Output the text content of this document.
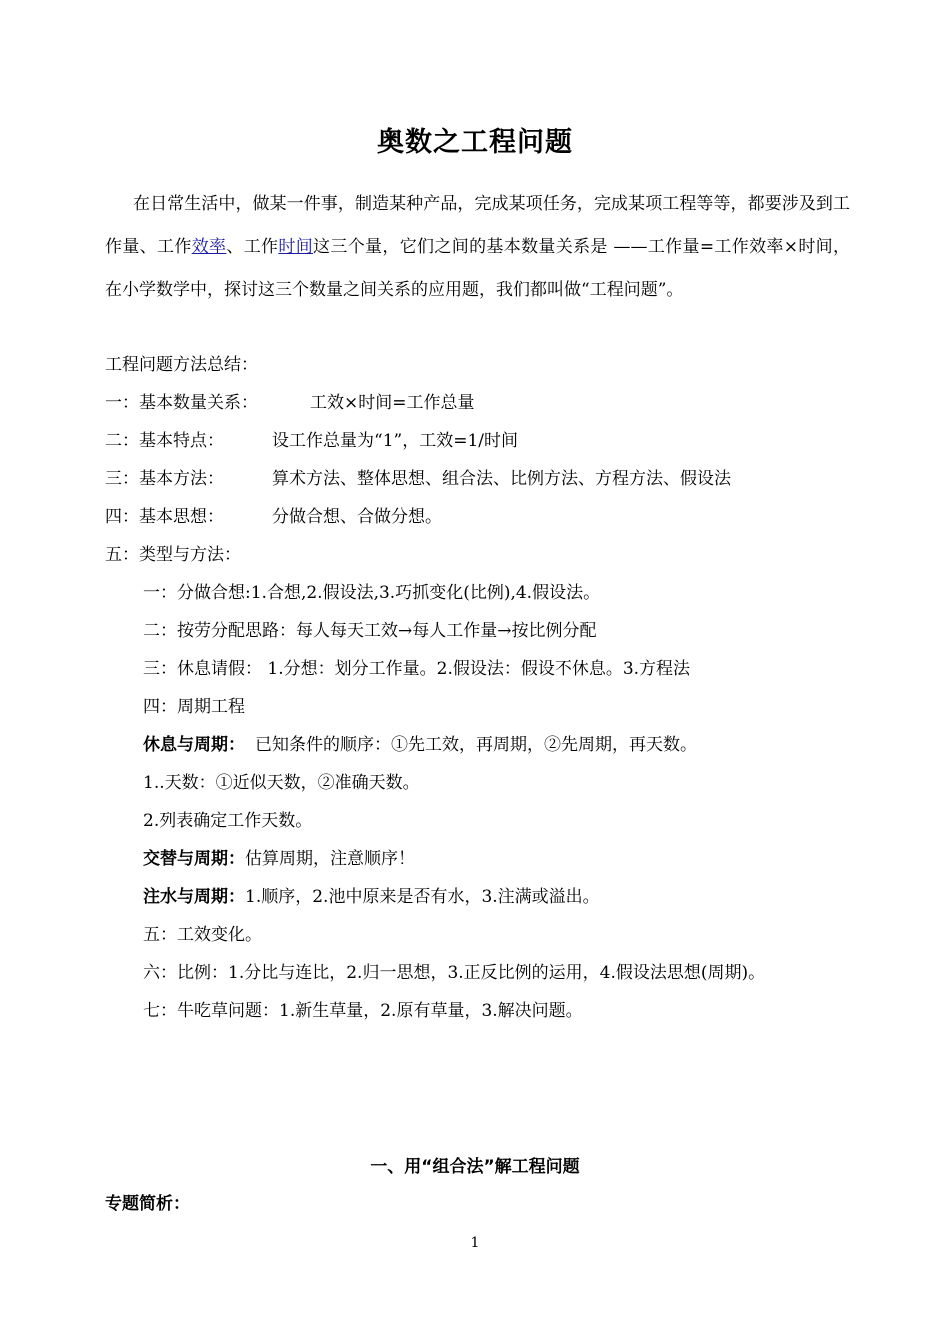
奥数之工程问题
在日常生活中，做某一件事，制造某种产品，完成某项任务，完成某项工程等等，都要涉及到工作量、工作效率、工作时间这三个量，它们之间的基本数量关系是 ——工作量=工作效率×时间，在小学数学中，探讨这三个数量之间关系的应用题，我们都叫做“工程问题”。
工程问题方法总结：
一：基本数量关系：	工效×时间=工作总量
二：基本特点：	设工作总量为“1”，工效=1/时间
三：基本方法：	算术方法、整体思想、组合法、比例方法、方程方法、假设法
四：基本思想：	分做合想、合做分想。
五：类型与方法：
一：分做合想:1.合想,2.假设法,3.巧抓变化(比例),4.假设法。
二：按劳分配思路：每人每天工效→每人工作量→按比例分配
三：休息请假： 1.分想：划分工作量。2.假设法：假设不休息。3.方程法
四：周期工程
休息与周期： 已知条件的顺序：①先工效，再周期，②先周期，再天数。
1..天数：①近似天数，②准确天数。
2.列表确定工作天数。
交替与周期：估算周期，注意顺序！
注水与周期：1.顺序，2.池中原来是否有水，3.注满或溢出。
五：工效变化。
六：比例：1.分比与连比，2.归一思想，3.正反比例的运用，4.假设法思想(周期)。
七：牛吃草问题：1.新生草量，2.原有草量，3.解决问题。
一、用“组合法”解工程问题
专题简析：
1
